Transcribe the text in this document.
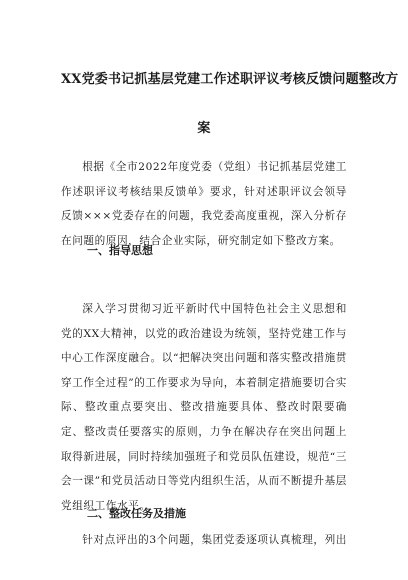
XX党委书记抓基层党建工作述职评议考核反馈问题整改方
案

根据《全市2022年度党委（党组）书记抓基层党建工作述职评议考核结果反馈单》要求，针对述职评议会领导反馈×××党委存在的问题，我党委高度重视，深入分析存在问题的原因，结合企业实际，研究制定如下整改方案。

一、指导思想

深入学习贯彻习近平新时代中国特色社会主义思想和党的XX大精神，以党的政治建设为统领，坚持党建工作与中心工作深度融合。以“把解决突出问题和落实整改措施贯穿工作全过程”的工作要求为导向，本着制定措施要切合实际、整改重点要突出、整改措施要具体、整改时限要确定、整改责任要落实的原则，力争在解决存在突出问题上取得新进展，同时持续加强班子和党员队伍建设，规范“三会一课”和党员活动日等党内组织生活，从而不断提升基层党组织工作水平。

二、整改任务及措施

针对点评出的3个问题，集团党委逐项认真梳理，列出
